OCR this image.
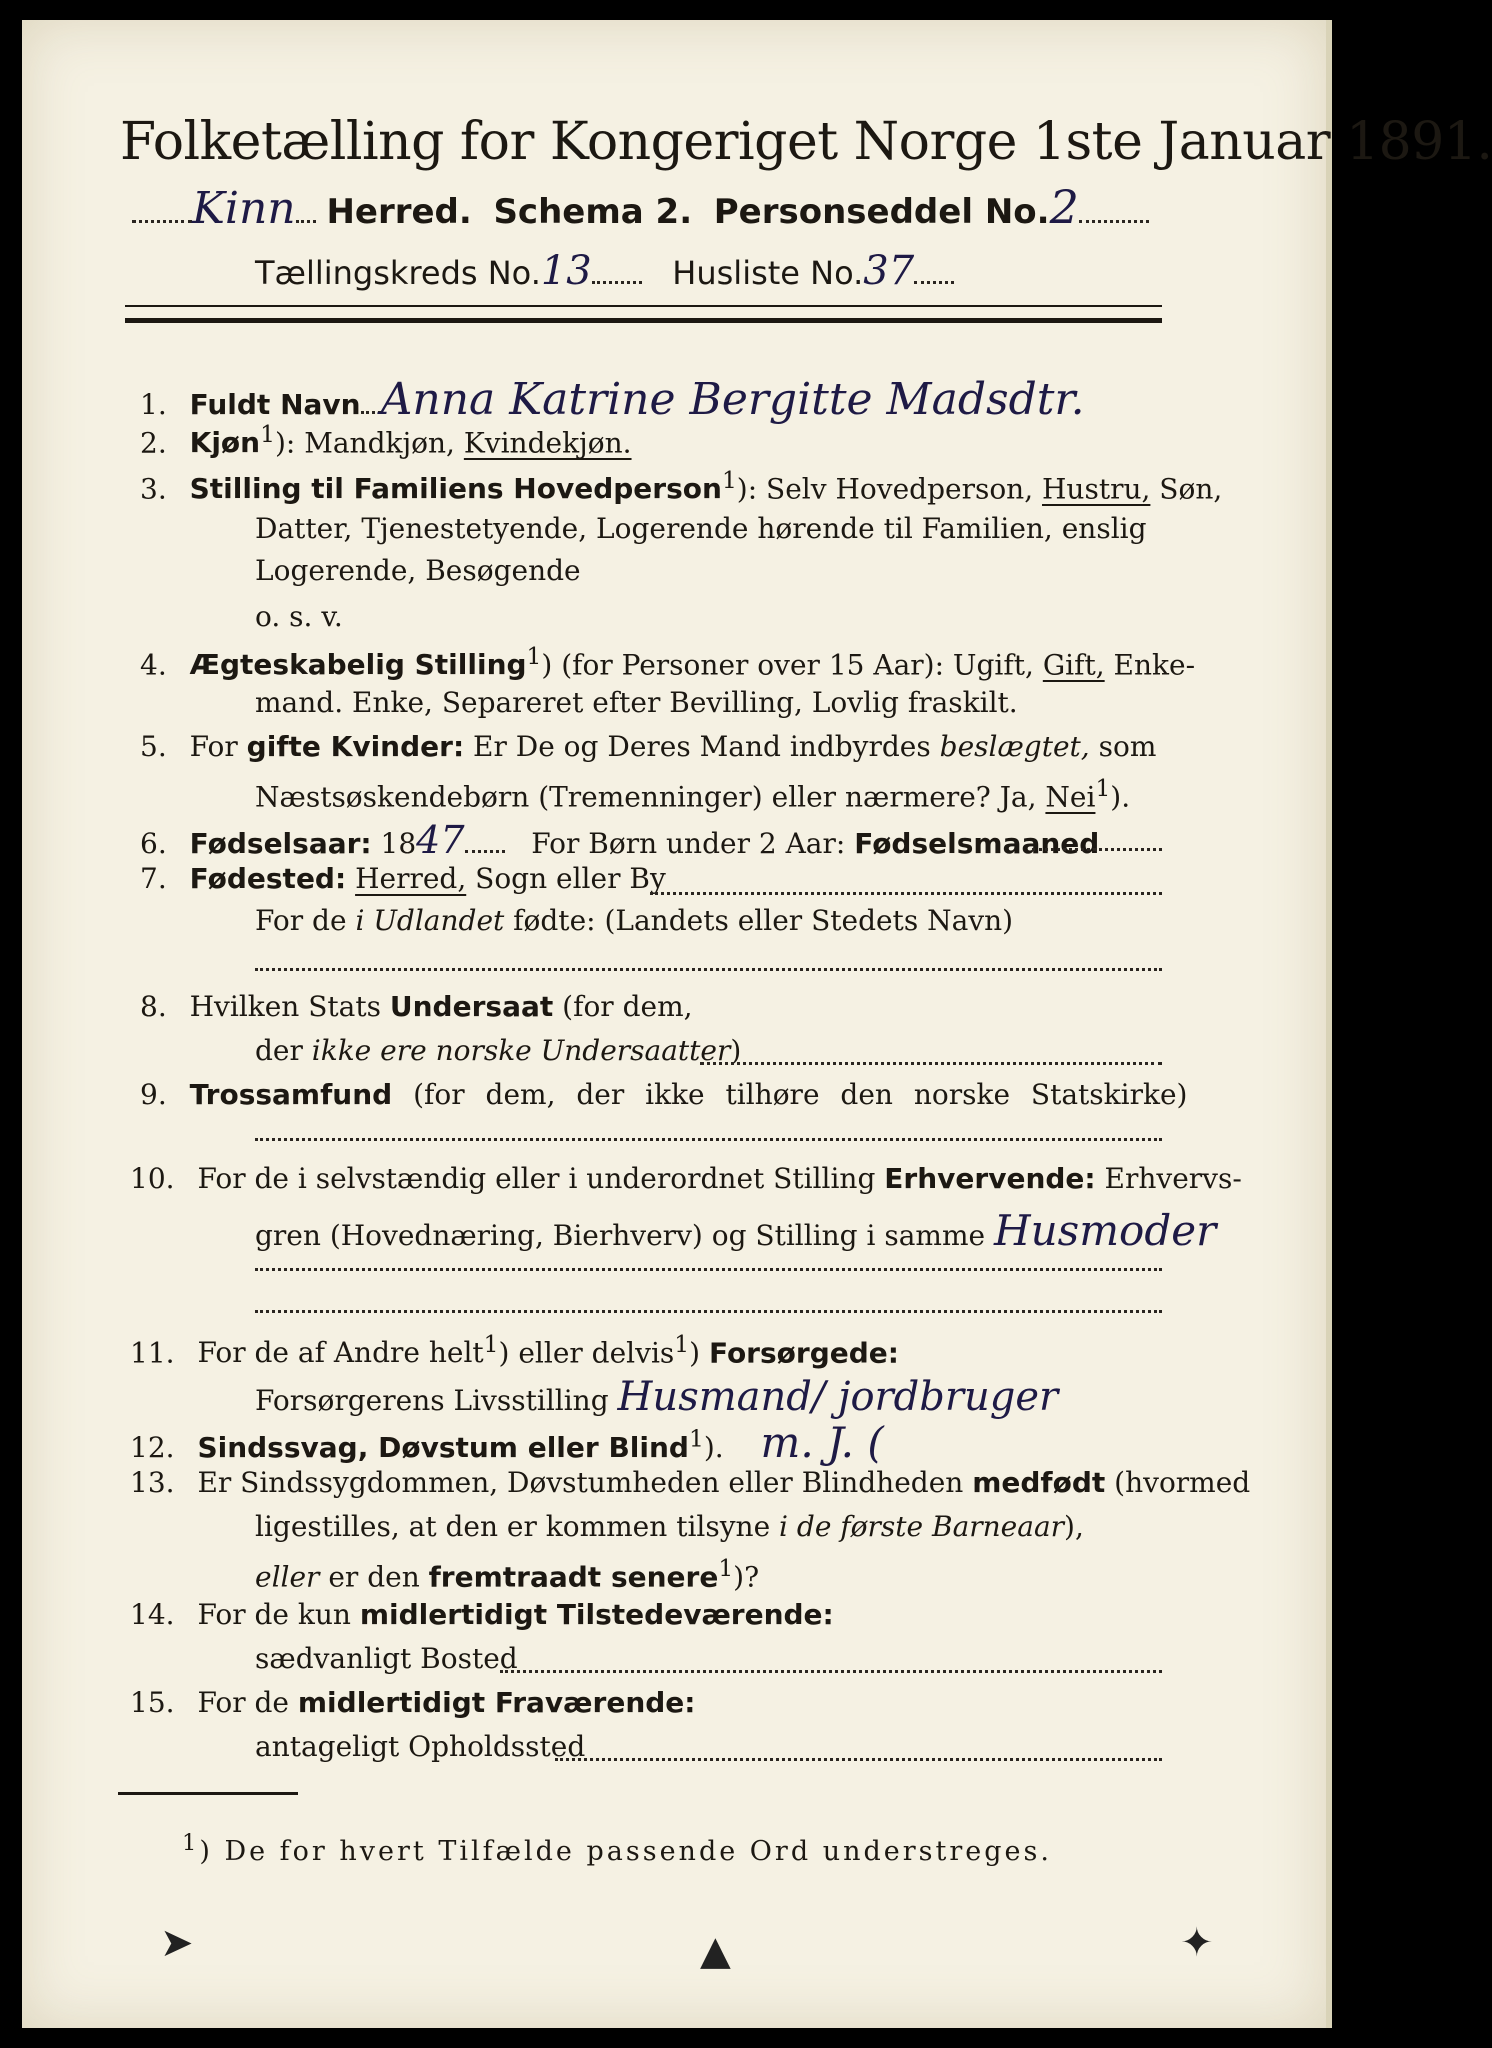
Folketælling for Kongeriget Norge 1ste Januar 1891.
Kinn Herred. Schema 2. Personseddel No.2
Tællingskreds No.13	Husliste No.37
1. Fuldt Navn Anna Katrine Bergitte Madsdtr.
2. Kjøn$^1$): Mandkjøn, Kvindekjøn.
3. Stilling til Familiens Hovedperson$^1$): Selv Hovedperson, Hustru, Søn,
Datter, Tjenestetyende, Logerende hørende til Familien, enslig
Logerende, Besøgende
o. s. v.
4. Ægteskabelig Stilling$^1$) (for Personer over 15 Aar): Ugift, Gift, Enke-
mand. Enke, Separeret efter Bevilling, Lovlig fraskilt.
5. For gifte Kvinder: Er De og Deres Mand indbyrdes beslægtet, som
Næstsøskendebørn (Tremenninger) eller nærmere? Ja, Nei$^1$).
6. Fødselsaar: 1847 For Børn under 2 Aar: Fødselsmaaned
7. Fødested: Herred, Sogn eller By
For de i Udlandet fødte: (Landets eller Stedets Navn)
8. Hvilken Stats Undersaat (for dem,
der ikke ere norske Undersaatter)
9. Trossamfund (for dem, der ikke tilhøre den norske Statskirke)
10. For de i selvstændig eller i underordnet Stilling Erhvervende: Erhvervs-
gren (Hovednæring, Bierhverv) og Stilling i samme Husmoder
11. For de af Andre helt$^1$) eller delvis$^1$) Forsørgede:
Forsørgerens Livsstilling Husmand/ jordbruger
12. Sindssvag, Døvstum eller Blind$^1$). m. J. (
13. Er Sindssygdommen, Døvstumheden eller Blindheden medfødt (hvormed
ligestilles, at den er kommen tilsyne i de første Barneaar),
eller er den fremtraadt senere$^1$)?
14. For de kun midlertidigt Tilstedeværende:
sædvanligt Bosted
15. For de midlertidigt Fraværende:
antageligt Opholdssted
$^1$) De for hvert Tilfælde passende Ord understreges.
➤	▲	✦
